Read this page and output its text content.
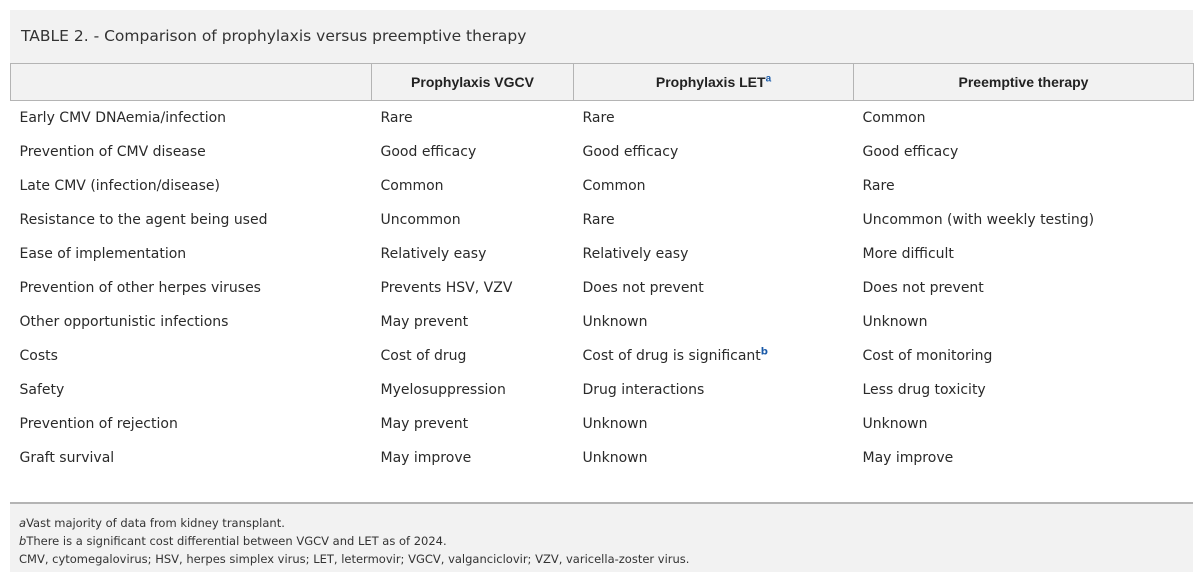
TABLE 2. - Comparison of prophylaxis versus preemptive therapy
	Prophylaxis VGCV	Prophylaxis LET$^a$	Preemptive therapy
Early CMV DNAemia/infection	Rare	Rare	Common
Prevention of CMV disease	Good efficacy	Good efficacy	Good efficacy
Late CMV (infection/disease)	Common	Common	Rare
Resistance to the agent being used	Uncommon	Rare	Uncommon (with weekly testing)
Ease of implementation	Relatively easy	Relatively easy	More difficult
Prevention of other herpes viruses	Prevents HSV, VZV	Does not prevent	Does not prevent
Other opportunistic infections	May prevent	Unknown	Unknown
Costs	Cost of drug	Cost of drug is significant$^b$	Cost of monitoring
Safety	Myelosuppression	Drug interactions	Less drug toxicity
Prevention of rejection	May prevent	Unknown	Unknown
Graft survival	May improve	Unknown	May improve
aVast majority of data from kidney transplant.
bThere is a significant cost differential between VGCV and LET as of 2024.
CMV, cytomegalovirus; HSV, herpes simplex virus; LET, letermovir; VGCV, valganciclovir; VZV, varicella-zoster virus.
